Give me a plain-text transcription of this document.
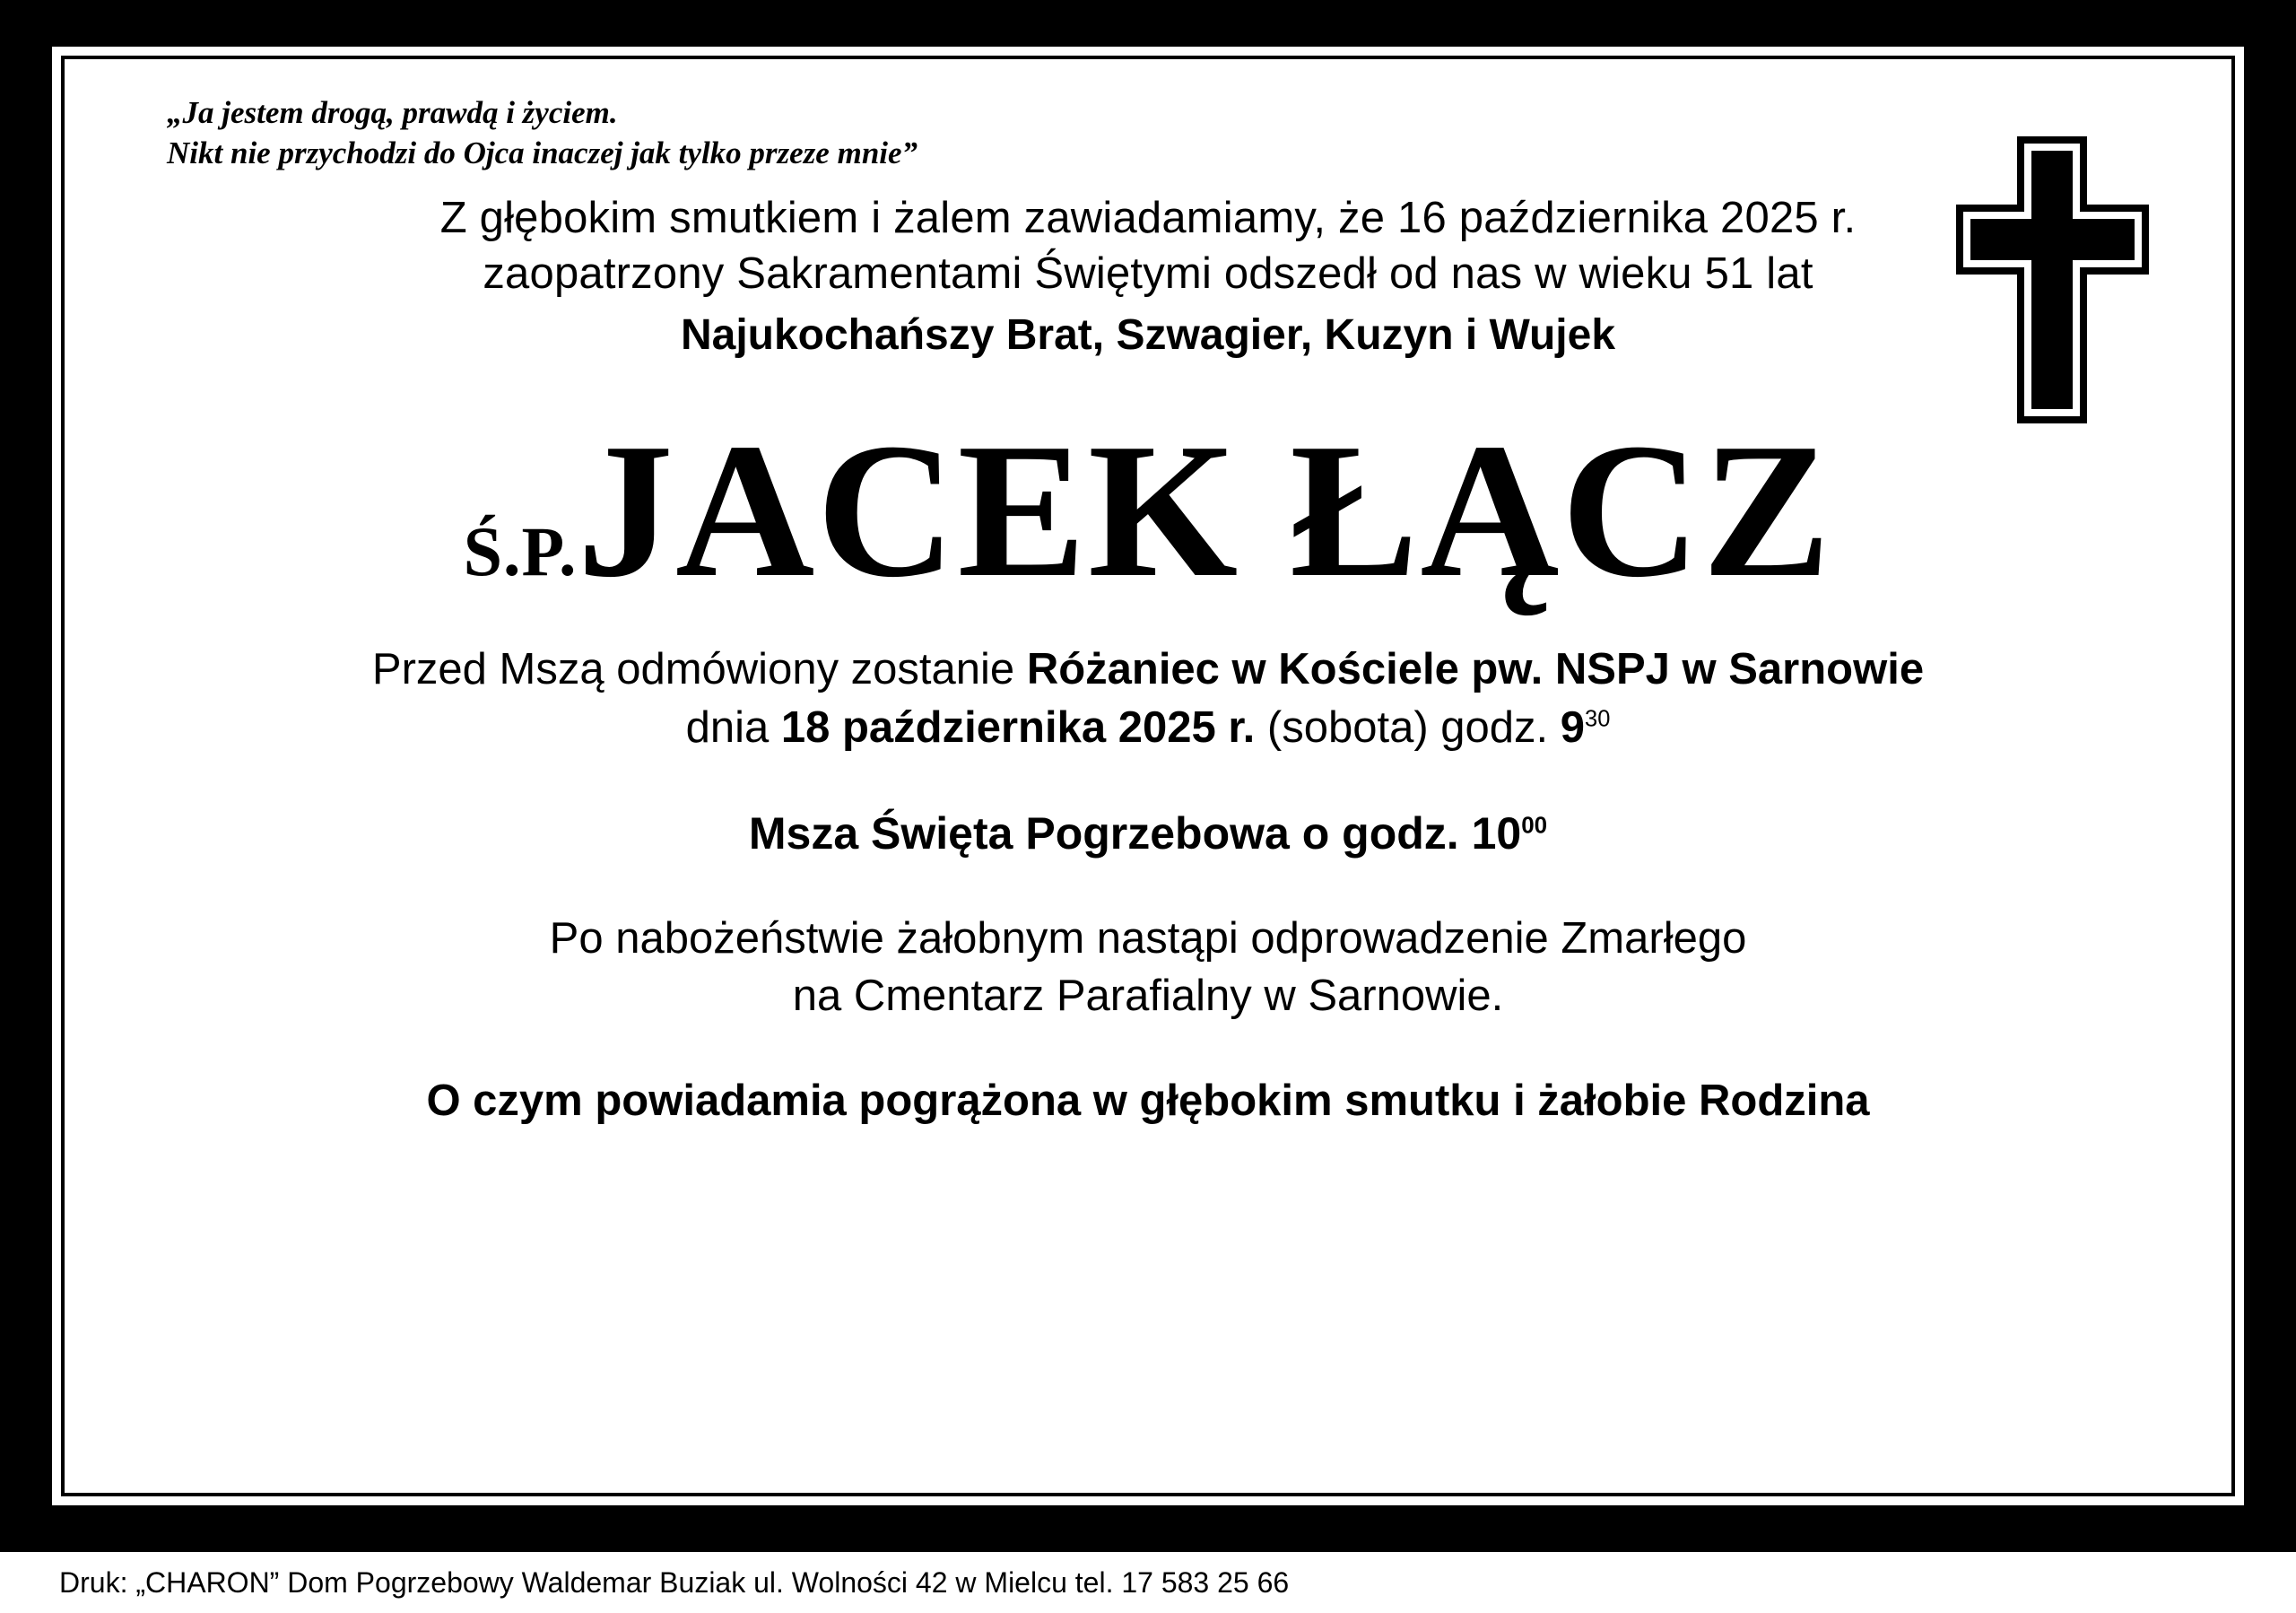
„Ja jestem drogą, prawdą i życiem.
Nikt nie przychodzi do Ojca inaczej jak tylko przeze mnie”
Z głębokim smutkiem i żalem zawiadamiamy, że 16 października 2025 r.
zaopatrzony Sakramentami Świętymi odszedł od nas w wieku 51 lat
Najukochańszy Brat, Szwagier, Kuzyn i Wujek
Ś.P.JACEK ŁĄCZ
Przed Mszą odmówiony zostanie Różaniec w Kościele pw. NSPJ w Sarnowie
dnia 18 października 2025 r. (sobota) godz. $9^{30}$
Msza Święta Pogrzebowa o godz. $10^{00}$
Po nabożeństwie żałobnym nastąpi odprowadzenie Zmarłego
na Cmentarz Parafialny w Sarnowie.
O czym powiadamia pogrążona w głębokim smutku i żałobie Rodzina
Druk: „CHARON” Dom Pogrzebowy Waldemar Buziak ul. Wolności 42 w Mielcu tel. 17 583 25 66
